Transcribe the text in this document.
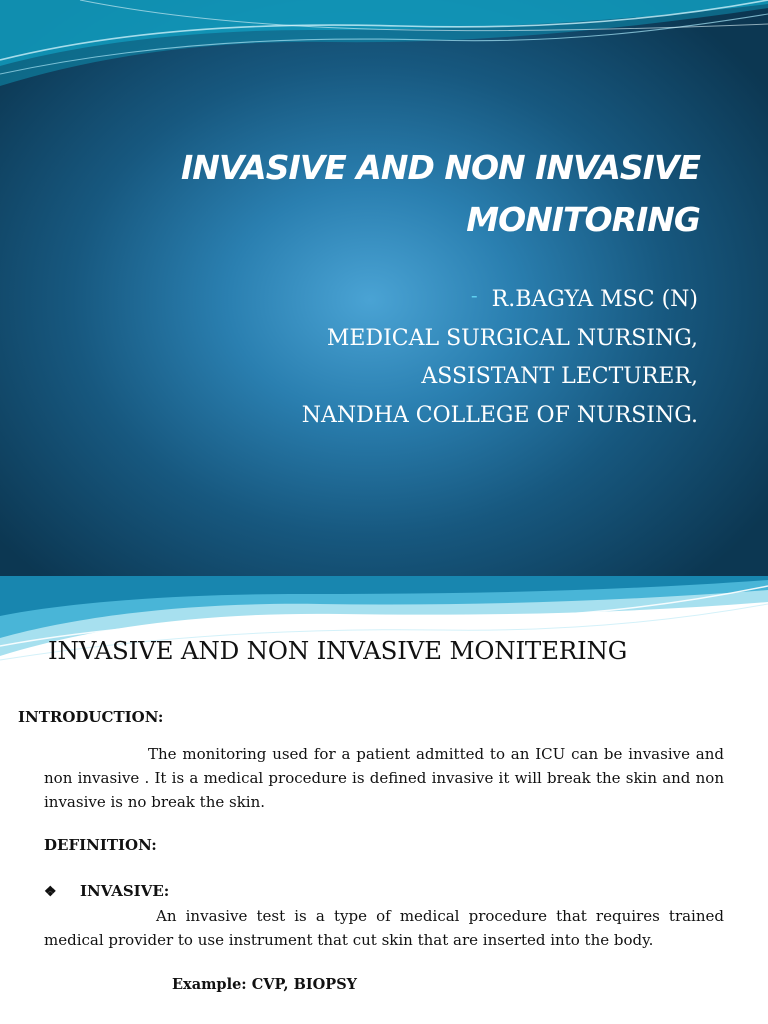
INVASIVE AND NON INVASIVE
MONITORING
- R.BAGYA MSC (N)
MEDICAL SURGICAL NURSING,
ASSISTANT LECTURER,
NANDHA COLLEGE OF NURSING.
INVASIVE AND NON INVASIVE MONITERING
INTRODUCTION:

The monitoring used for a patient admitted to an ICU can be invasive and non invasive . It is a medical procedure is defined invasive it will break the skin and non invasive is no break the skin.

DEFINITION:
❖ INVASIVE:

An invasive test is a type of medical procedure that requires trained medical provider to use instrument that cut skin that are inserted into the body.

Example: CVP, BIOPSY
